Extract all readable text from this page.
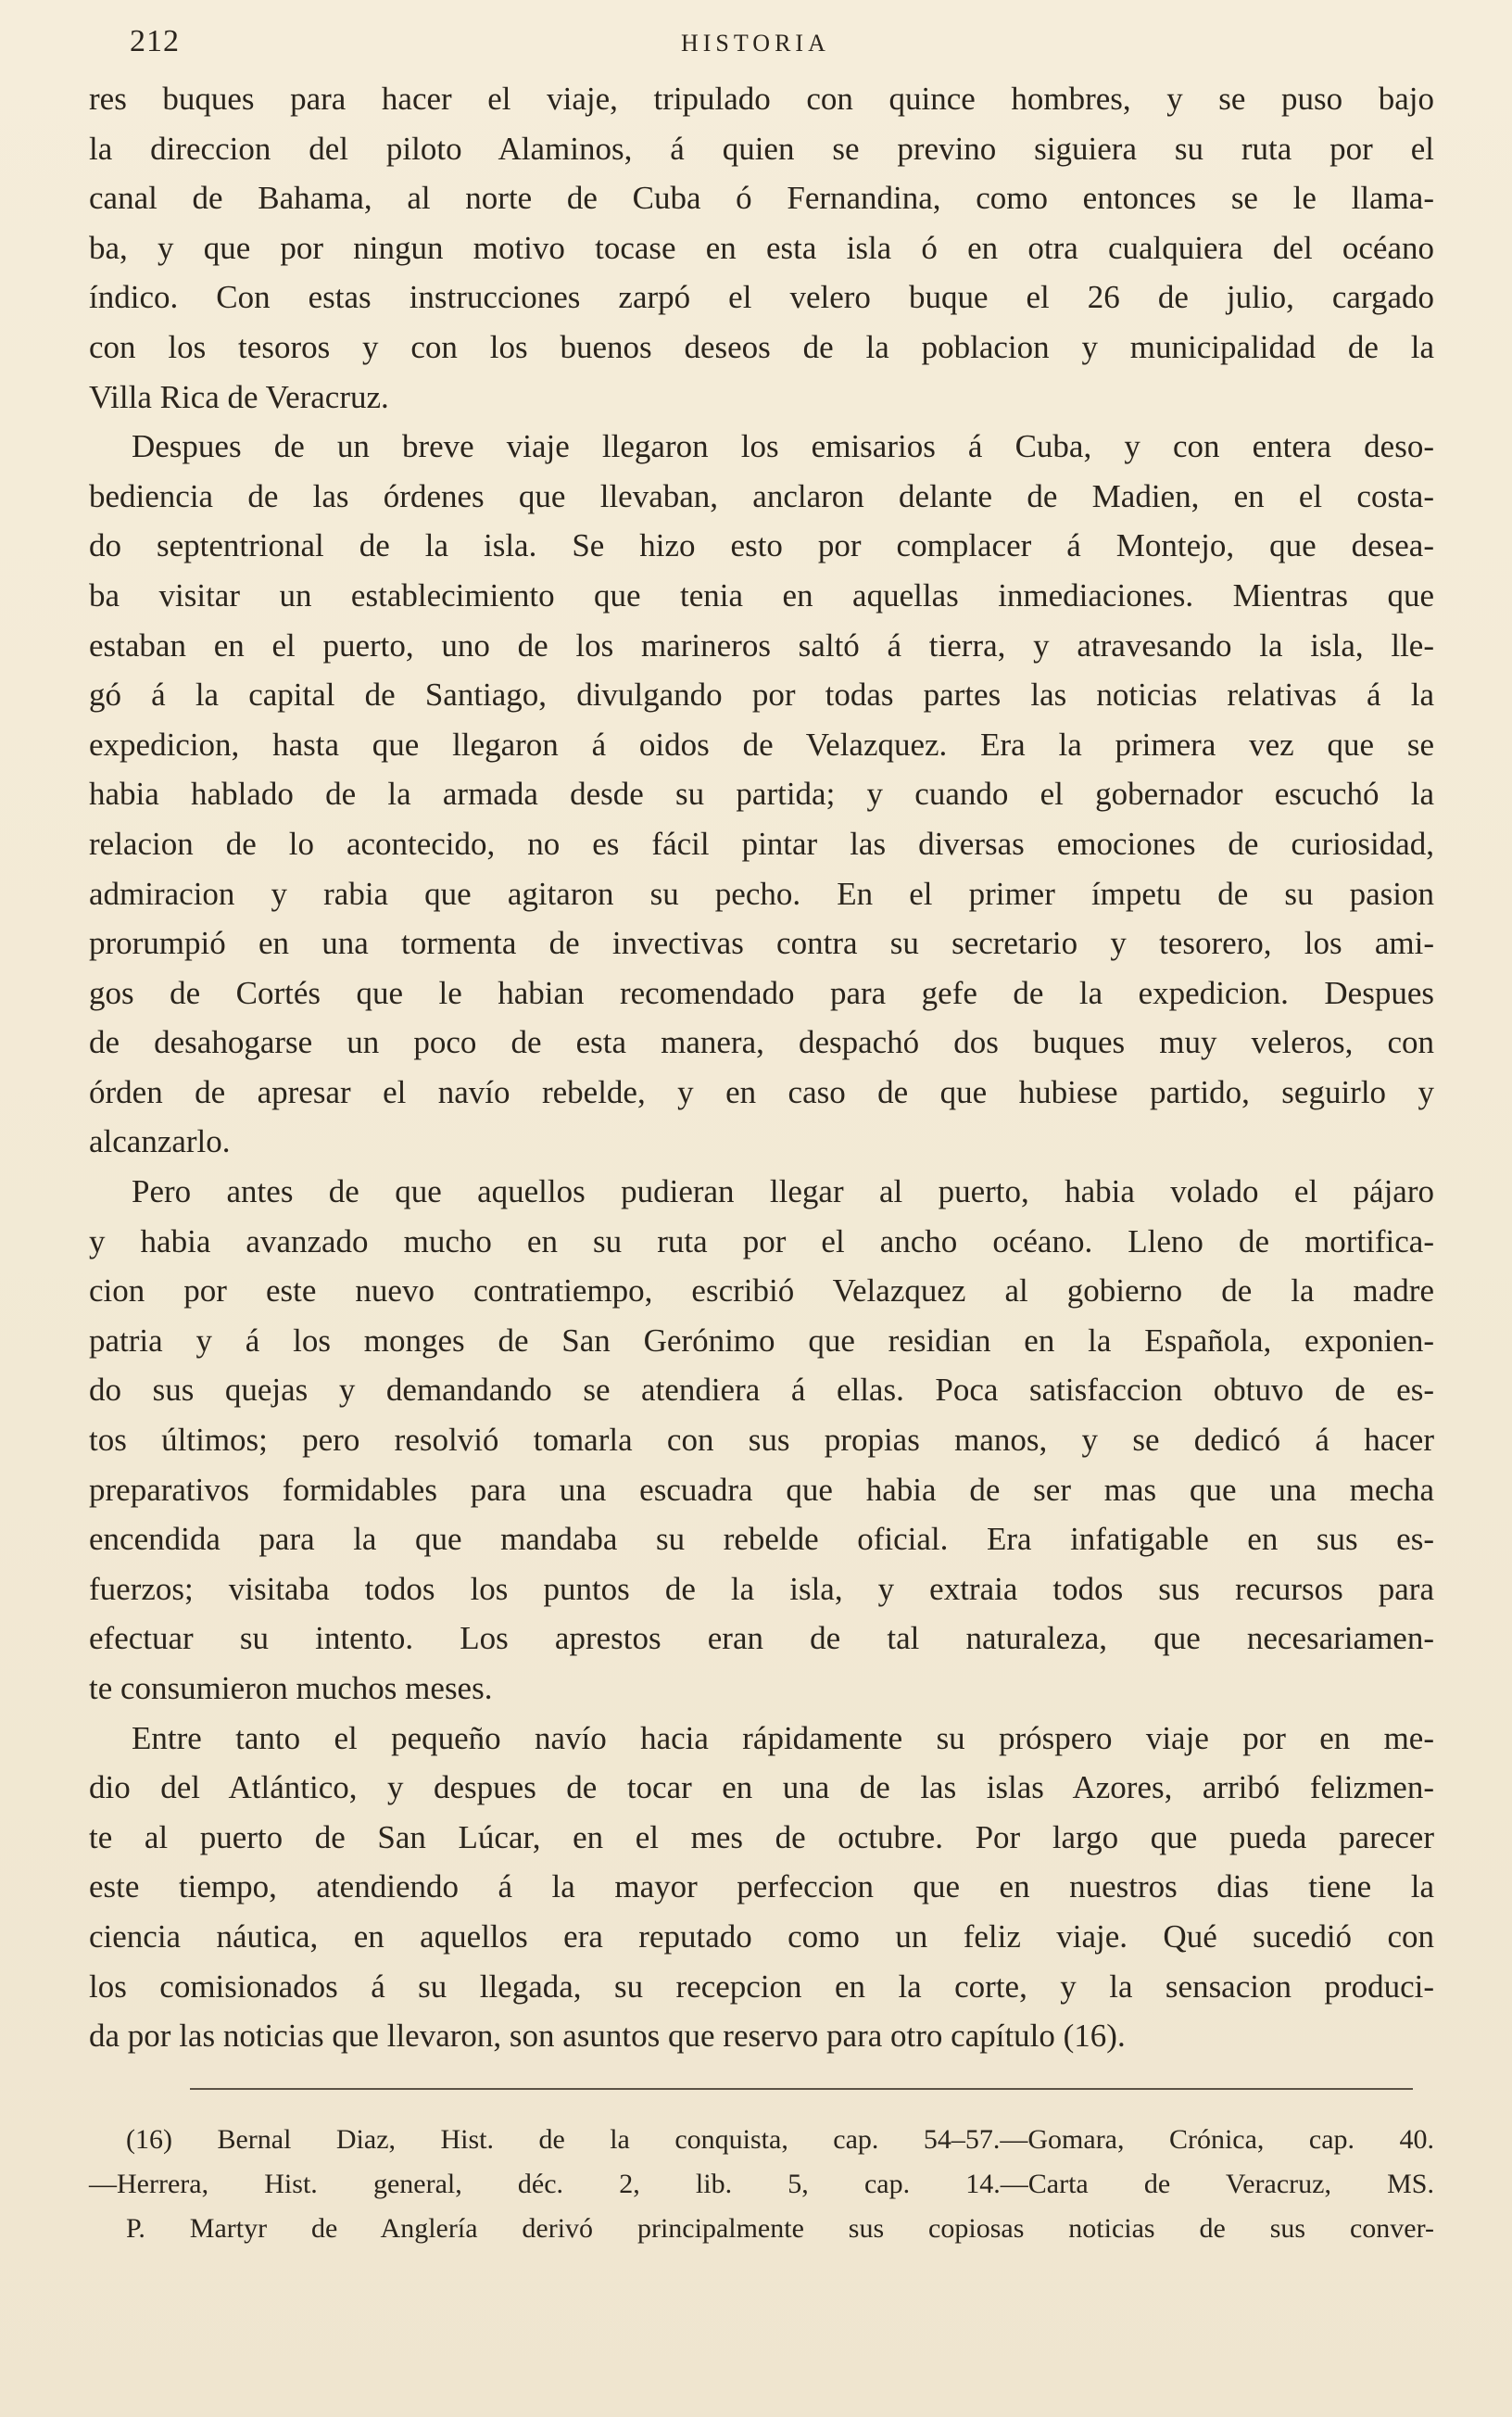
212	HISTORIA
res buques para hacer el viaje, tripulado con quince hombres, y se puso bajo
la direccion del piloto Alaminos, á quien se previno siguiera su ruta por el
canal de Bahama, al norte de Cuba ó Fernandina, como entonces se le llama-
ba, y que por ningun motivo tocase en esta isla ó en otra cualquiera del océano
índico. Con estas instrucciones zarpó el velero buque el 26 de julio, cargado
con los tesoros y con los buenos deseos de la poblacion y municipalidad de la
Villa Rica de Veracruz.
Despues de un breve viaje llegaron los emisarios á Cuba, y con entera deso-
bediencia de las órdenes que llevaban, anclaron delante de Madien, en el costa-
do septentrional de la isla. Se hizo esto por complacer á Montejo, que desea-
ba visitar un establecimiento que tenia en aquellas inmediaciones. Mientras que
estaban en el puerto, uno de los marineros saltó á tierra, y atravesando la isla, lle-
gó á la capital de Santiago, divulgando por todas partes las noticias relativas á la
expedicion, hasta que llegaron á oidos de Velazquez. Era la primera vez que se
habia hablado de la armada desde su partida; y cuando el gobernador escuchó la
relacion de lo acontecido, no es fácil pintar las diversas emociones de curiosidad,
admiracion y rabia que agitaron su pecho. En el primer ímpetu de su pasion
prorumpió en una tormenta de invectivas contra su secretario y tesorero, los ami-
gos de Cortés que le habian recomendado para gefe de la expedicion. Despues
de desahogarse un poco de esta manera, despachó dos buques muy veleros, con
órden de apresar el navío rebelde, y en caso de que hubiese partido, seguirlo y
alcanzarlo.
Pero antes de que aquellos pudieran llegar al puerto, habia volado el pájaro
y habia avanzado mucho en su ruta por el ancho océano. Lleno de mortifica-
cion por este nuevo contratiempo, escribió Velazquez al gobierno de la madre
patria y á los monges de San Gerónimo que residian en la Española, exponien-
do sus quejas y demandando se atendiera á ellas. Poca satisfaccion obtuvo de es-
tos últimos; pero resolvió tomarla con sus propias manos, y se dedicó á hacer
preparativos formidables para una escuadra que habia de ser mas que una mecha
encendida para la que mandaba su rebelde oficial. Era infatigable en sus es-
fuerzos; visitaba todos los puntos de la isla, y extraia todos sus recursos para
efectuar su intento. Los aprestos eran de tal naturaleza, que necesariamen-
te consumieron muchos meses.
Entre tanto el pequeño navío hacia rápidamente su próspero viaje por en me-
dio del Atlántico, y despues de tocar en una de las islas Azores, arribó felizmen-
te al puerto de San Lúcar, en el mes de octubre. Por largo que pueda parecer
este tiempo, atendiendo á la mayor perfeccion que en nuestros dias tiene la
ciencia náutica, en aquellos era reputado como un feliz viaje. Qué sucedió con
los comisionados á su llegada, su recepcion en la corte, y la sensacion produci-
da por las noticias que llevaron, son asuntos que reservo para otro capítulo (16).
(16) Bernal Diaz, Hist. de la conquista, cap. 54–57.—Gomara, Crónica, cap. 40.
—Herrera, Hist. general, déc. 2, lib. 5, cap. 14.—Carta de Veracruz, MS.
P. Martyr de Anglería derivó principalmente sus copiosas noticias de sus conver-
